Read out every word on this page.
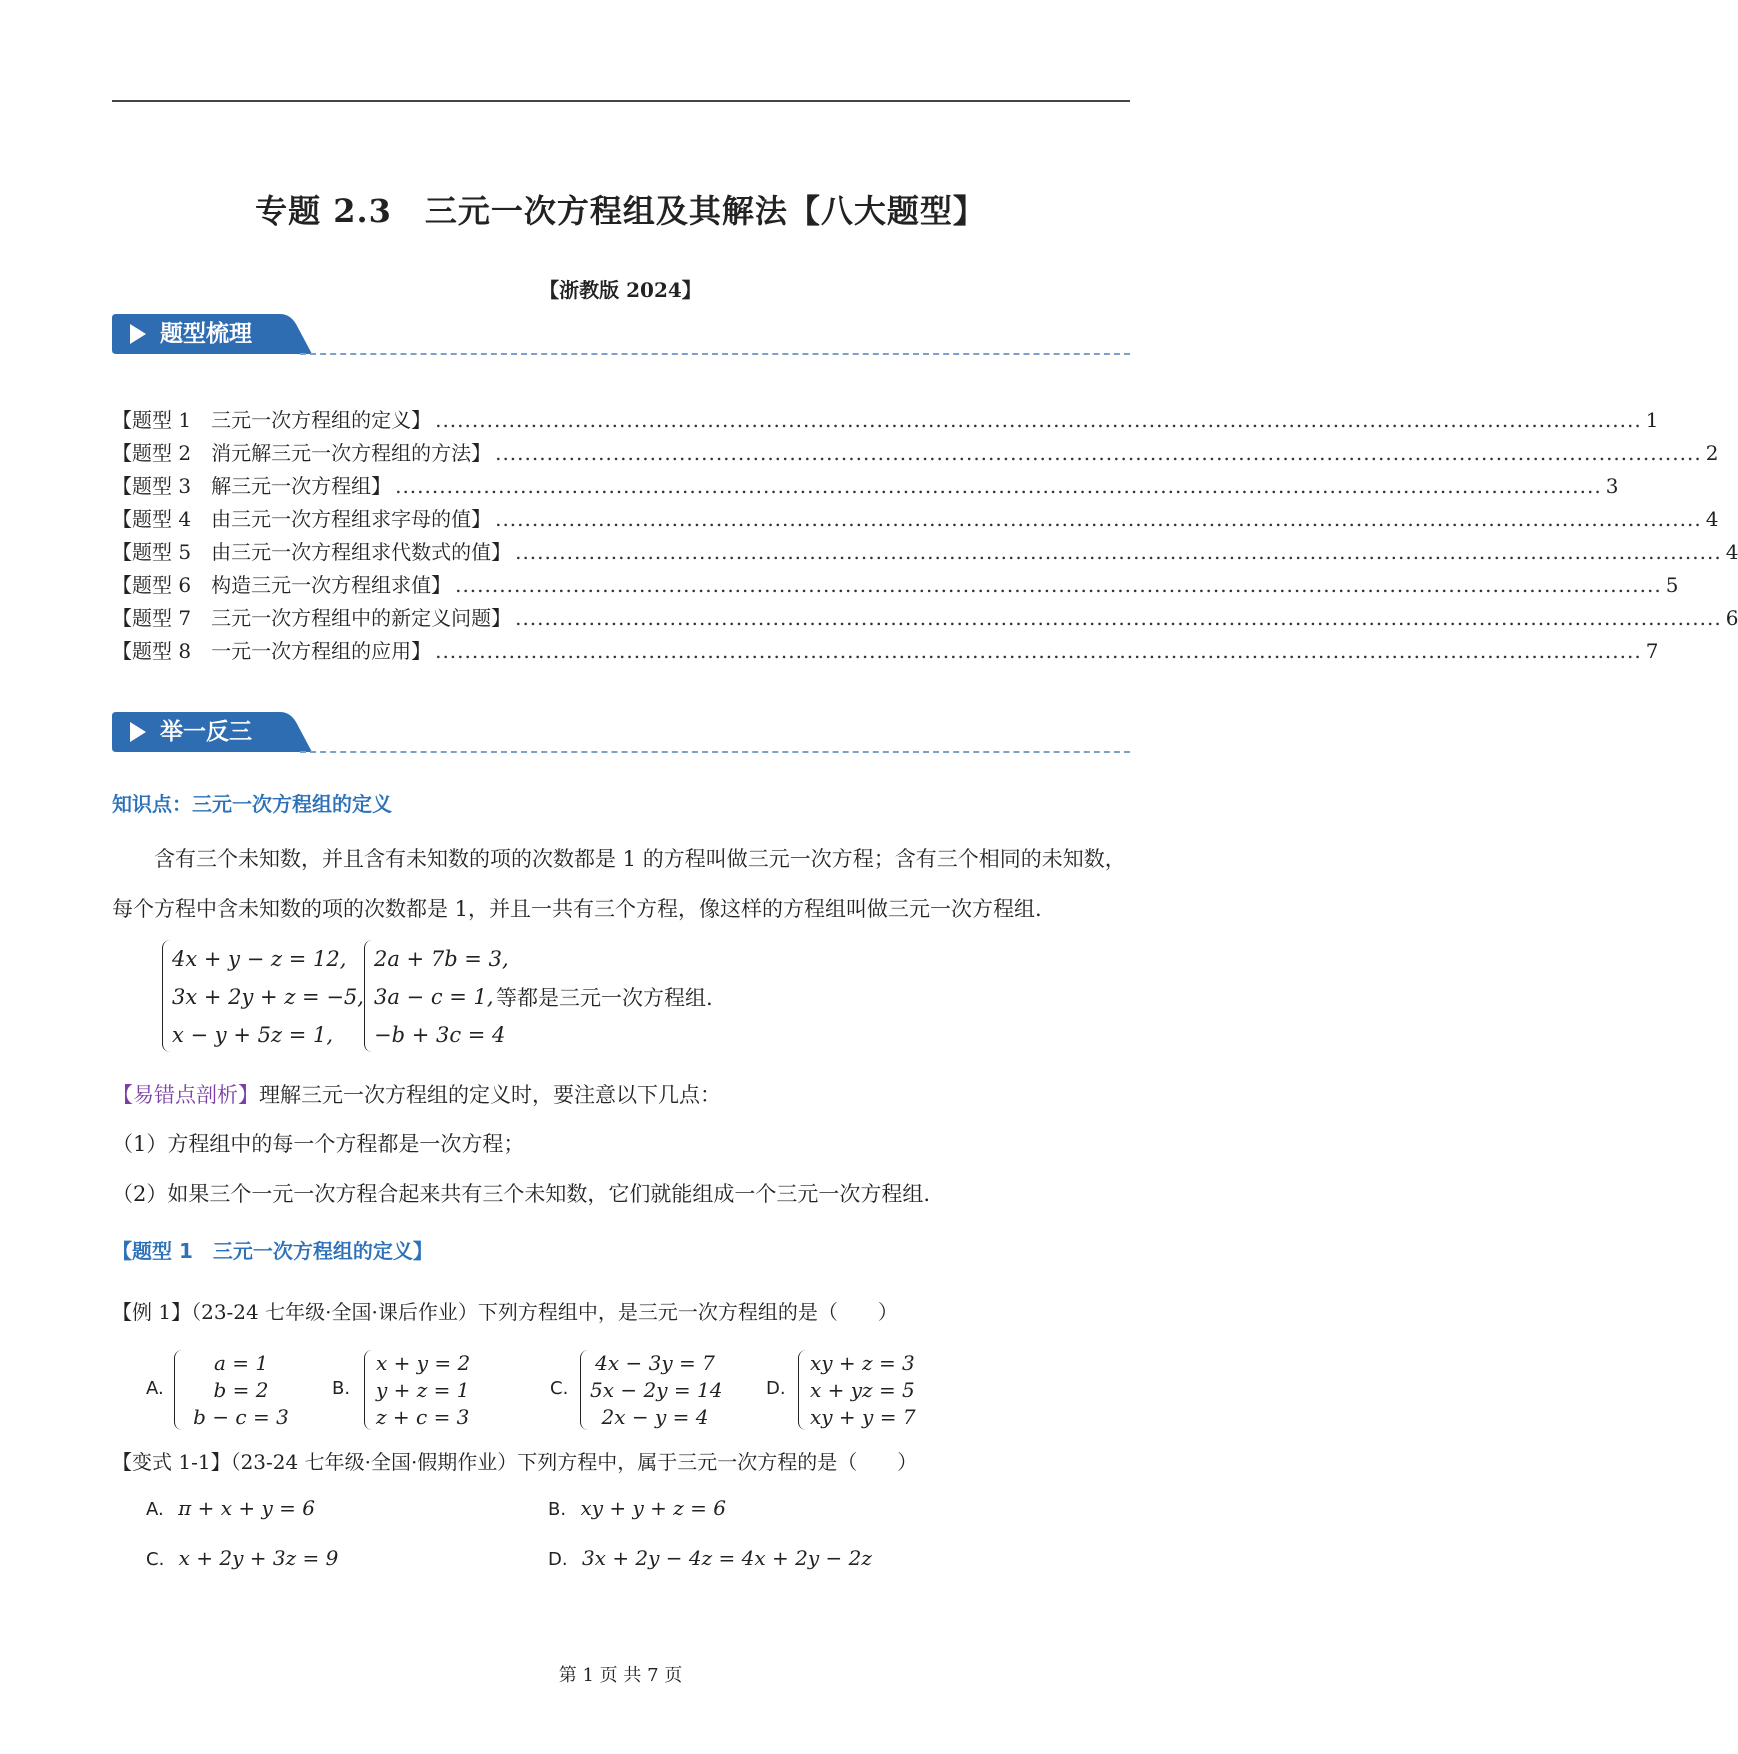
专题 2.3　三元一次方程组及其解法【八大题型】
【浙教版 2024】
题型梳理
【题型 1　三元一次方程组的定义】 .................................................................................................................................................................... 1
【题型 2　消元解三元一次方程组的方法】 .................................................................................................................................................................... 2
【题型 3　解三元一次方程组】 .................................................................................................................................................................... 3
【题型 4　由三元一次方程组求字母的值】 .................................................................................................................................................................... 4
【题型 5　由三元一次方程组求代数式的值】 .................................................................................................................................................................... 4
【题型 6　构造三元一次方程组求值】 .................................................................................................................................................................... 5
【题型 7　三元一次方程组中的新定义问题】 .................................................................................................................................................................... 6
【题型 8　一元一次方程组的应用】 .................................................................................................................................................................... 7
举一反三
知识点：三元一次方程组的定义
含有三个未知数，并且含有未知数的项的次数都是 1 的方程叫做三元一次方程；含有三个相同的未知数，每个方程中含未知数的项的次数都是 1，并且一共有三个方程，像这样的方程组叫做三元一次方程组.
4x + y − z = 12,
3x + 2y + z = −5,
x − y + 5z = 1,
2a + 7b = 3,
3a − c = 1,
−b + 3c = 4
等都是三元一次方程组.
【易错点剖析】理解三元一次方程组的定义时，要注意以下几点：
（1）方程组中的每一个方程都是一次方程；
（2）如果三个一元一次方程合起来共有三个未知数，它们就能组成一个三元一次方程组.
【题型 1　三元一次方程组的定义】
【例 1】（23-24 七年级·全国·课后作业）下列方程组中，是三元一次方程组的是（　　）
A.
a = 1
b = 2
b − c = 3
B.
x + y = 2
y + z = 1
z + c = 3
C.
4x − 3y = 7
5x − 2y = 14
2x − y = 4
D.
xy + z = 3
x + yz = 5
xy + y = 7
【变式 1-1】（23-24 七年级·全国·假期作业）下列方程中，属于三元一次方程的是（　　）
A. π + x + y = 6	B. xy + y + z = 6
C. x + 2y + 3z = 9	D. 3x + 2y − 4z = 4x + 2y − 2z
第 1 页 共 7 页
